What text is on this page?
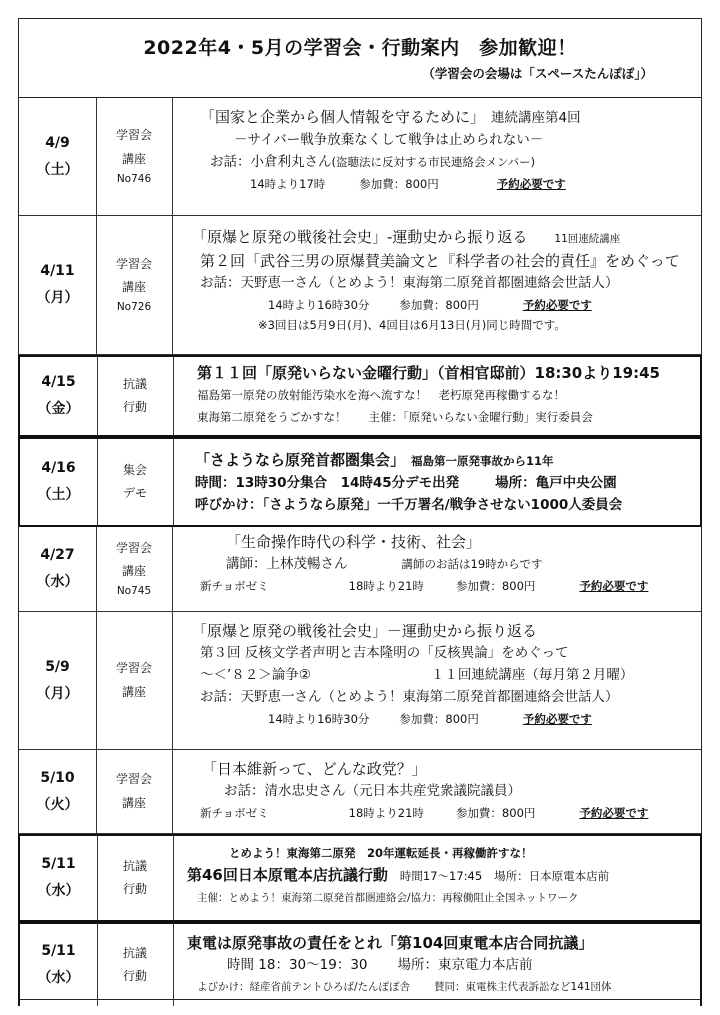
2022年4・5月の学習会・行動案内　参加歓迎！
（学習会の会場は「スペースたんぽぽ」）
4/9
（土）
学習会
講座
No746
「国家と企業から個人情報を守るために」　 連続講座第4回
－サイバー戦争放棄なくして戦争は止められない－
お話：小倉利丸さん(盗聴法に反対する市民連絡会メンバー)
14時より17時	参加費：800円	予約必要です
4/11
（月）
学習会
講座
No726
「原爆と原発の戦後社会史」-運動史から振り返る　　	11回連続講座
第２回「武谷三男の原爆賛美論文と『科学者の社会的責任』をめぐって
お話：天野恵一さん（とめよう！東海第二原発首都圏連絡会世話人）
14時より16時30分	参加費：800円	予約必要です
※3回目は5月9日(月)、4回目は6月13日(月)同じ時間です。
4/15
（金）
抗議
行動
第１１回「原発いらない金曜行動」（首相官邸前）18:30より19:45
福島第一原発の放射能汚染水を海へ流すな！　老朽原発再稼働するな！
東海第二原発をうごかすな！ 主催：「原発いらない金曜行動」実行委員会
4/16
（土）
集会
デモ
「さようなら原発首都圏集会」　 福島第一原発事故から11年
時間：13時30分集合　14時45分デモ出発	場所：亀戸中央公園
呼びかけ：「さようなら原発」一千万署名/戦争させない1000人委員会
4/27
（水）
学習会
講座
No745
「生命操作時代の科学・技術、社会」
講師：上林茂暢さん	講師のお話は19時からです
新チョボゼミ	18時より21時	参加費：800円	予約必要です
5/9
（月）
学習会
講座
「原爆と原発の戦後社会史」－運動史から振り返る
第３回 反核文学者声明と吉本隆明の「反核異論」をめぐって
～＜’８２＞論争②	１１回連続講座（毎月第２月曜）
お話：天野恵一さん（とめよう！東海第二原発首都圏連絡会世話人）
14時より16時30分	参加費：800円	予約必要です
5/10
（火）
学習会
講座
「日本維新って、どんな政党？」
お話：清水忠史さん（元日本共産党衆議院議員）
新チョボゼミ	18時より21時	参加費：800円	予約必要です
5/11
（水）
抗議
行動
とめよう！東海第二原発　20年運転延長・再稼働許すな！
第46回日本原電本店抗議行動 時間17～17:45 場所：日本原電本店前
主催：とめよう！東海第二原発首都圏連絡会/協力：再稼働阻止全国ネットワーク
5/11
（水）
抗議
行動
東電は原発事故の責任をとれ「第104回東電本店合同抗議」
時間 18：30～19：30 場所：東京電力本店前
よびかけ：経産省前テントひろば/たんぽぽ舎 賛同：東電株主代表訴訟など141団体
